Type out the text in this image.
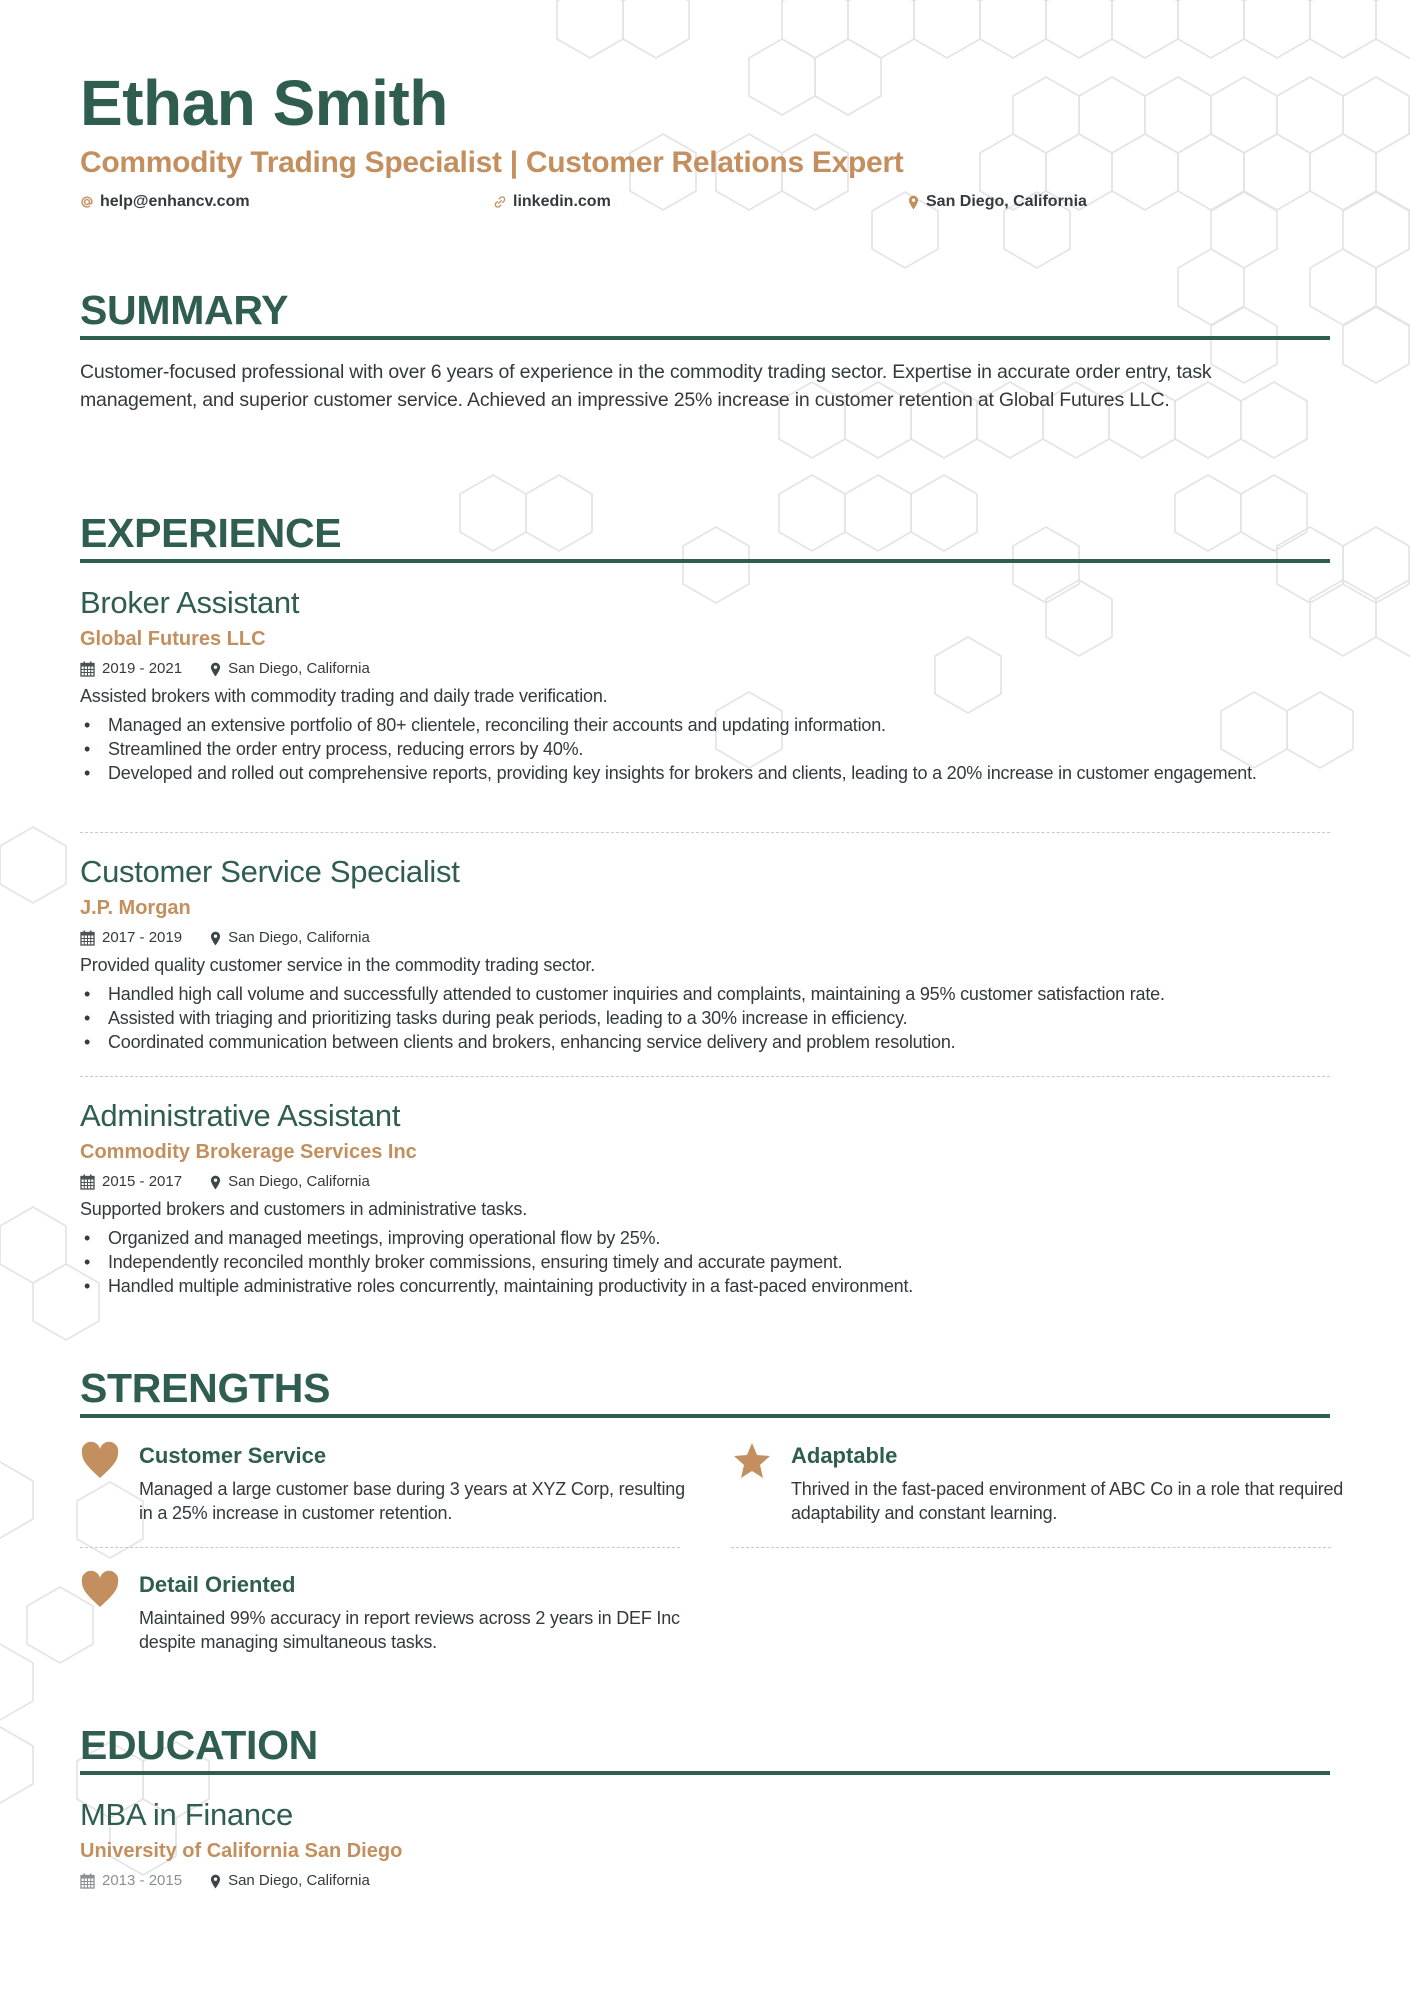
Ethan Smith
Commodity Trading Specialist | Customer Relations Expert
help@enhancv.com	linkedin.com	San Diego, California
SUMMARY
Customer-focused professional with over 6 years of experience in the commodity trading sector. Expertise in accurate order entry, task management, and superior customer service. Achieved an impressive 25% increase in customer retention at Global Futures LLC.
EXPERIENCE
Broker Assistant
Global Futures LLC
2019 - 2021	San Diego, California
Assisted brokers with commodity trading and daily trade verification.
• Managed an extensive portfolio of 80+ clientele, reconciling their accounts and updating information.
• Streamlined the order entry process, reducing errors by 40%.
• Developed and rolled out comprehensive reports, providing key insights for brokers and clients, leading to a 20% increase in customer engagement.
Customer Service Specialist
J.P. Morgan
2017 - 2019	San Diego, California
Provided quality customer service in the commodity trading sector.
• Handled high call volume and successfully attended to customer inquiries and complaints, maintaining a 95% customer satisfaction rate.
• Assisted with triaging and prioritizing tasks during peak periods, leading to a 30% increase in efficiency.
• Coordinated communication between clients and brokers, enhancing service delivery and problem resolution.
Administrative Assistant
Commodity Brokerage Services Inc
2015 - 2017	San Diego, California
Supported brokers and customers in administrative tasks.
• Organized and managed meetings, improving operational flow by 25%.
• Independently reconciled monthly broker commissions, ensuring timely and accurate payment.
• Handled multiple administrative roles concurrently, maintaining productivity in a fast-paced environment.
STRENGTHS
Customer Service
Managed a large customer base during 3 years at XYZ Corp, resulting in a 25% increase in customer retention.
Adaptable
Thrived in the fast-paced environment of ABC Co in a role that required adaptability and constant learning.
Detail Oriented
Maintained 99% accuracy in report reviews across 2 years in DEF Inc despite managing simultaneous tasks.
EDUCATION
MBA in Finance
University of California San Diego
2013 - 2015	San Diego, California
